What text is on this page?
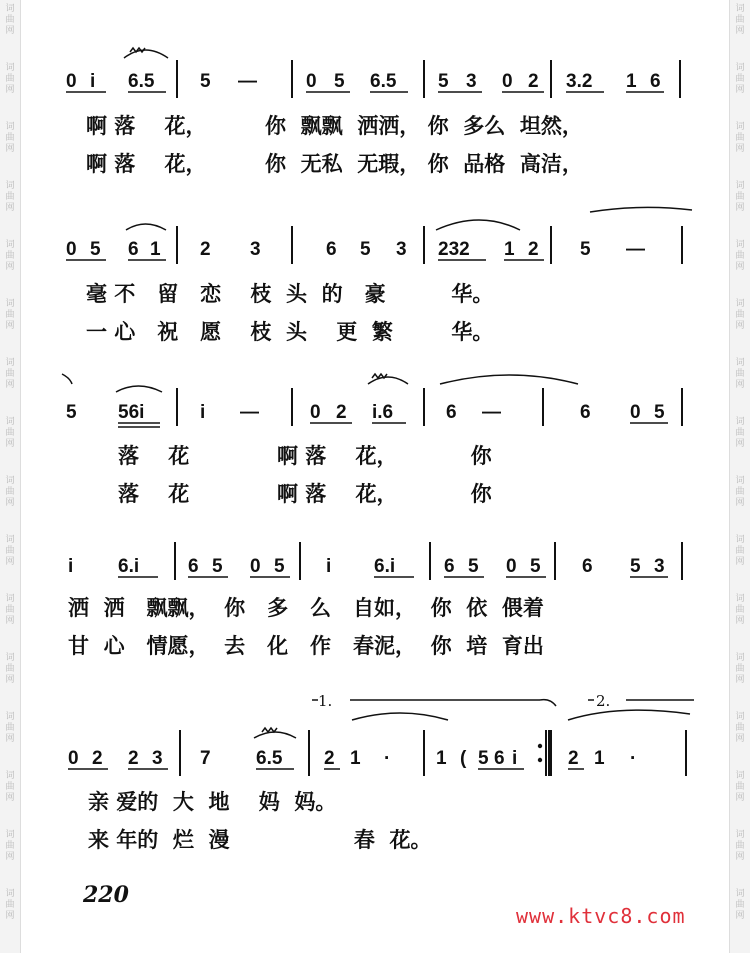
词
曲
网
词
曲
网
词
曲
网
词
曲
网
词
曲
网
词
曲
网
词
曲
网
词
曲
网
词
曲
网
词
曲
网
词
曲
网
词
曲
网
词
曲
网
词
曲
网
词
曲
网
词
曲
网
词
曲
网
词
曲
网
词
曲
网
词
曲
网
词
曲
网
词
曲
网
词
曲
网
词
曲
网
词
曲
网
词
曲
网
词
曲
网
词
曲
网
词
曲
网
词
曲
网
词
曲
网
词
曲
网
0 i 6.5 5 —	0 5 6.5 5 3 0 2 3.2 1 6
啊 落    花，        你  飘飘  洒洒， 你  多么  坦然，
啊 落    花，        你  无私  无瑕， 你  品格  高洁，
0 5 6 1 2 3	6 5 3 232 1 2 5 —
毫 不   留   恋    枝  头  的   豪         华。
一 心   祝   愿    枝  头    更  繁        华。
5 56i	i —	0 2 i.6	6 —	6 0 5
落    花            啊 落    花，          你
落    花            啊 落    花，          你
i 6.i	6 5 0 5 i 6.i	6 5 0 5 6 5 3
洒  洒   飘飘，  你   多   么   自如，  你  依  偎着
甘  心   情愿，  去   化   作   春泥，  你  培  育出
1.	2.
0 2 2 3 7 6.5 2 1 · 1 ( 5 6 i	2 1 ·
亲 爱的  大  地    妈  妈。
来 年的  烂  漫                 春  花。
220
www.ktvc8.com
